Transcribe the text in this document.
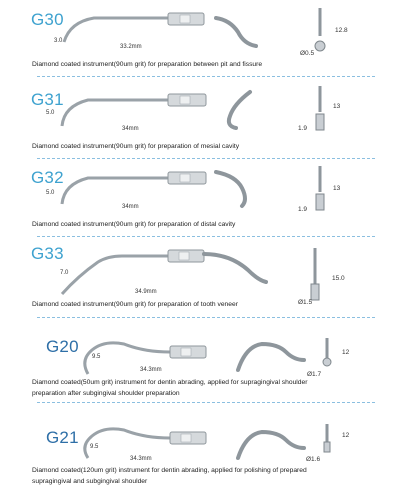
G30
3.0
33.2mm
12.8
Ø0.5
Diamond coated instrument(90um grit) for preparation between pit and fissure
G31
5.0
34mm
13
1.9
Diamond coated instrument(90um grit) for preparation of mesial cavity
G32
5.0
34mm
13
1.9
Diamond coated instrument(90um grit) for preparation of distal cavity
G33
7.0
34.9mm
15.0
Ø1.5
Diamond coated instrument(90um grit) for preparation of tooth veneer
G20
9.5
34.3mm
12
Ø1.7
Diamond coated(50um grit) instrument for dentin abrading, applied for supragingival shoulder
preparation after subgingival shoulder preparation
G21 9.5
34.3mm
12
Ø1.6
Diamond coated(120um grit) instrument for dentin abrading, applied for polishing of prepared
supragingival and subgingival shoulder
